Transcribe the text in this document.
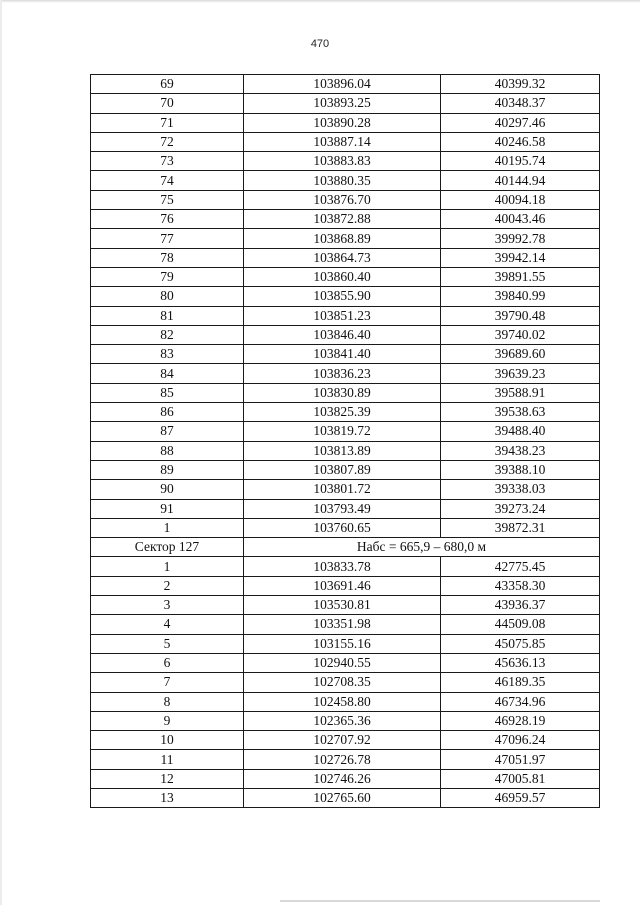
470
69	103896.04	40399.32
70	103893.25	40348.37
71	103890.28	40297.46
72	103887.14	40246.58
73	103883.83	40195.74
74	103880.35	40144.94
75	103876.70	40094.18
76	103872.88	40043.46
77	103868.89	39992.78
78	103864.73	39942.14
79	103860.40	39891.55
80	103855.90	39840.99
81	103851.23	39790.48
82	103846.40	39740.02
83	103841.40	39689.60
84	103836.23	39639.23
85	103830.89	39588.91
86	103825.39	39538.63
87	103819.72	39488.40
88	103813.89	39438.23
89	103807.89	39388.10
90	103801.72	39338.03
91	103793.49	39273.24
1	103760.65	39872.31
Сектор 127	Набс = 665,9 – 680,0 м	
1	103833.78	42775.45
2	103691.46	43358.30
3	103530.81	43936.37
4	103351.98	44509.08
5	103155.16	45075.85
6	102940.55	45636.13
7	102708.35	46189.35
8	102458.80	46734.96
9	102365.36	46928.19
10	102707.92	47096.24
11	102726.78	47051.97
12	102746.26	47005.81
13	102765.60	46959.57
